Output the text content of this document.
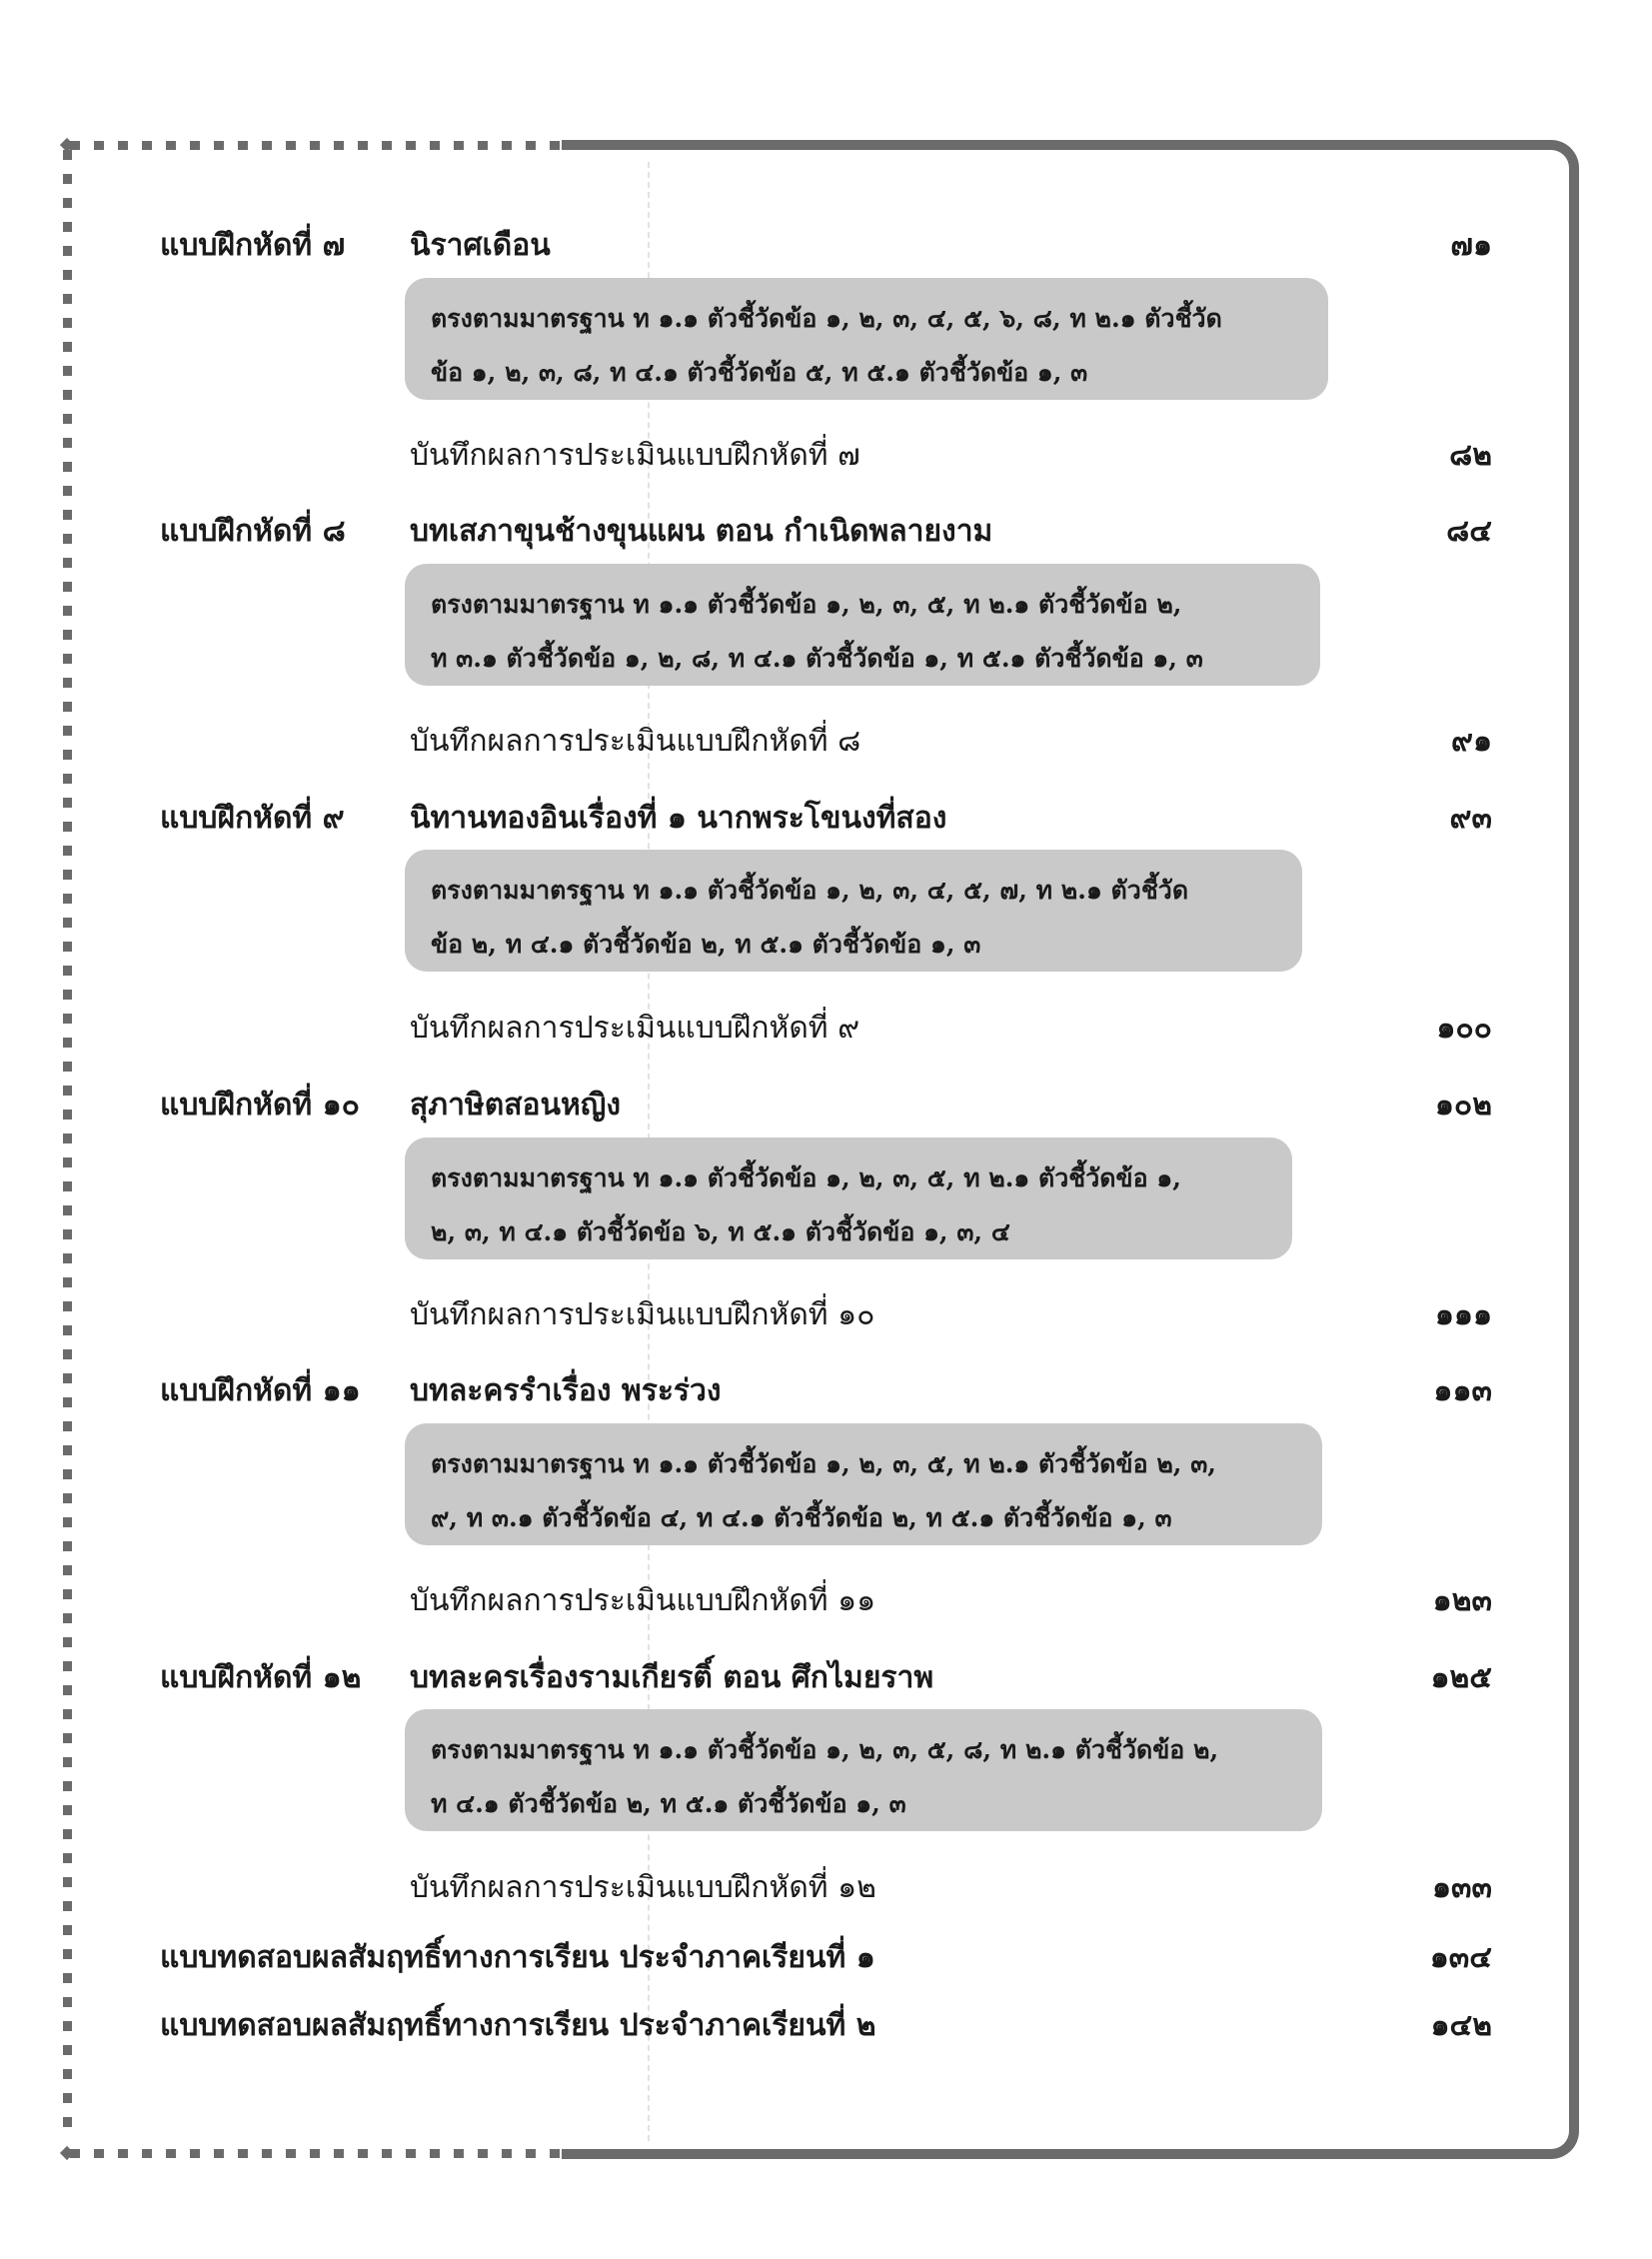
แบบฝึกหัดที่ ๗ นิราศเดือน	๗๑
ตรงตามมาตรฐาน ท ๑.๑ ตัวชี้วัดข้อ ๑, ๒, ๓, ๔, ๕, ๖, ๘, ท ๒.๑ ตัวชี้วัด
ข้อ ๑, ๒, ๓, ๘, ท ๔.๑ ตัวชี้วัดข้อ ๕, ท ๕.๑ ตัวชี้วัดข้อ ๑, ๓
บันทึกผลการประเมินแบบฝึกหัดที่ ๗	๘๒
แบบฝึกหัดที่ ๘ บทเสภาขุนช้างขุนแผน ตอน กำเนิดพลายงาม	๘๔
ตรงตามมาตรฐาน ท ๑.๑ ตัวชี้วัดข้อ ๑, ๒, ๓, ๕, ท ๒.๑ ตัวชี้วัดข้อ ๒,
ท ๓.๑ ตัวชี้วัดข้อ ๑, ๒, ๘, ท ๔.๑ ตัวชี้วัดข้อ ๑, ท ๕.๑ ตัวชี้วัดข้อ ๑, ๓
บันทึกผลการประเมินแบบฝึกหัดที่ ๘	๙๑
แบบฝึกหัดที่ ๙ นิทานทองอินเรื่องที่ ๑ นากพระโขนงที่สอง	๙๓
ตรงตามมาตรฐาน ท ๑.๑ ตัวชี้วัดข้อ ๑, ๒, ๓, ๔, ๕, ๗, ท ๒.๑ ตัวชี้วัด
ข้อ ๒, ท ๔.๑ ตัวชี้วัดข้อ ๒, ท ๕.๑ ตัวชี้วัดข้อ ๑, ๓
บันทึกผลการประเมินแบบฝึกหัดที่ ๙	๑๐๐
แบบฝึกหัดที่ ๑๐ สุภาษิตสอนหญิง	๑๐๒
ตรงตามมาตรฐาน ท ๑.๑ ตัวชี้วัดข้อ ๑, ๒, ๓, ๕, ท ๒.๑ ตัวชี้วัดข้อ ๑,
๒, ๓, ท ๔.๑ ตัวชี้วัดข้อ ๖, ท ๕.๑ ตัวชี้วัดข้อ ๑, ๓, ๔
บันทึกผลการประเมินแบบฝึกหัดที่ ๑๐	๑๑๑
แบบฝึกหัดที่ ๑๑ บทละครรำเรื่อง พระร่วง	๑๑๓
ตรงตามมาตรฐาน ท ๑.๑ ตัวชี้วัดข้อ ๑, ๒, ๓, ๕, ท ๒.๑ ตัวชี้วัดข้อ ๒, ๓,
๙, ท ๓.๑ ตัวชี้วัดข้อ ๔, ท ๔.๑ ตัวชี้วัดข้อ ๒, ท ๕.๑ ตัวชี้วัดข้อ ๑, ๓
บันทึกผลการประเมินแบบฝึกหัดที่ ๑๑	๑๒๓
แบบฝึกหัดที่ ๑๒ บทละครเรื่องรามเกียรติ์ ตอน ศึกไมยราพ	๑๒๕
ตรงตามมาตรฐาน ท ๑.๑ ตัวชี้วัดข้อ ๑, ๒, ๓, ๕, ๘, ท ๒.๑ ตัวชี้วัดข้อ ๒,
ท ๔.๑ ตัวชี้วัดข้อ ๒, ท ๕.๑ ตัวชี้วัดข้อ ๑, ๓
บันทึกผลการประเมินแบบฝึกหัดที่ ๑๒	๑๓๓
แบบทดสอบผลสัมฤทธิ์ทางการเรียน ประจำภาคเรียนที่ ๑	๑๓๔
แบบทดสอบผลสัมฤทธิ์ทางการเรียน ประจำภาคเรียนที่ ๒	๑๔๒
